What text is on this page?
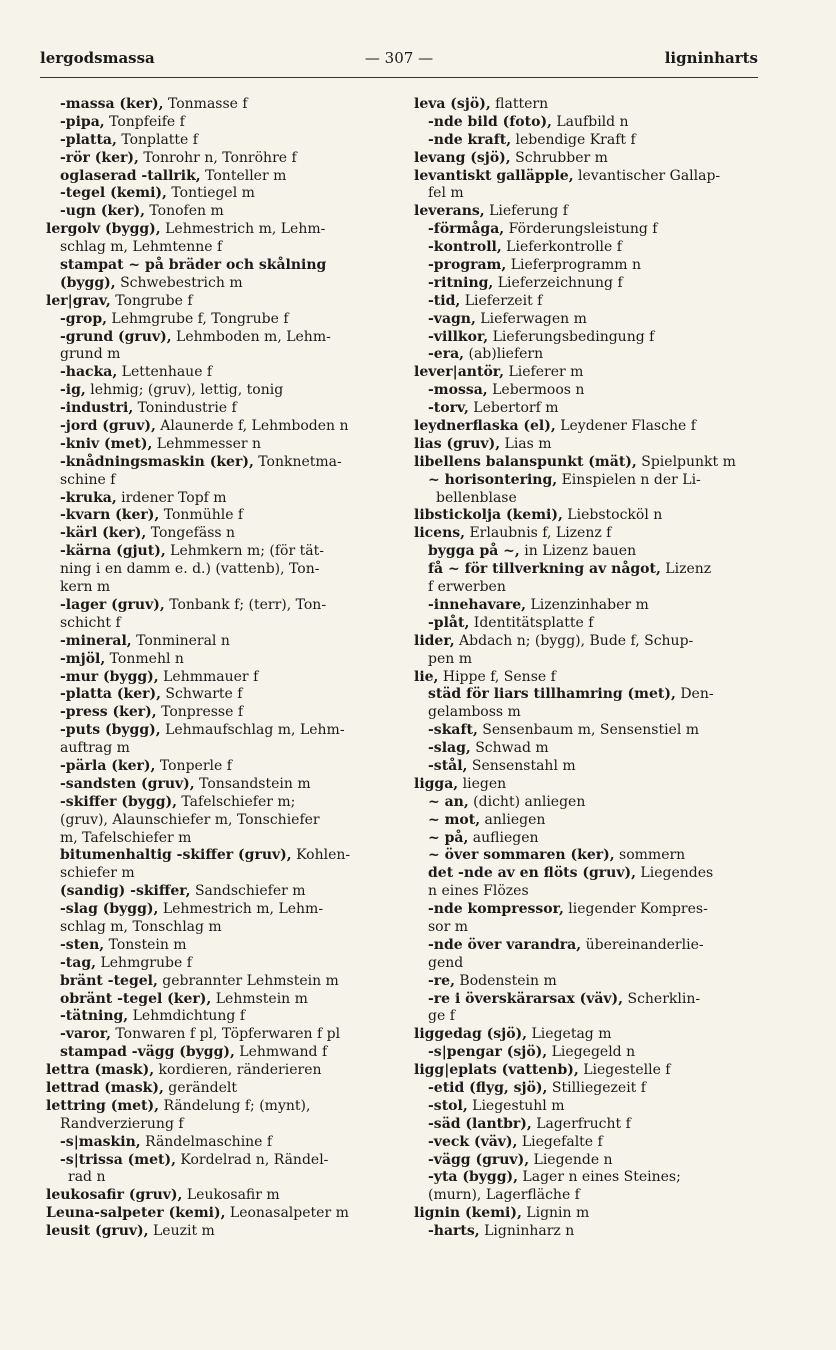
— 307 —
lergodsmassa	ligninharts
-massa (ker), Tonmasse f
-pipa, Tonpfeife f
-platta, Tonplatte f
-rör (ker), Tonrohr n, Tonröhre f
oglaserad -tallrik, Tonteller m
-tegel (kemi), Tontiegel m
-ugn (ker), Tonofen m
lergolv (bygg), Lehmestrich m, Lehm-
schlag m, Lehmtenne f
stampat ~ på bräder och skålning
(bygg), Schwebestrich m
ler|grav, Tongrube f
-grop, Lehmgrube f, Tongrube f
-grund (gruv), Lehmboden m, Lehm-
grund m
-hacka, Lettenhaue f
-ig, lehmig; (gruv), lettig, tonig
-industri, Tonindustrie f
-jord (gruv), Alaunerde f, Lehmboden n
-kniv (met), Lehmmesser n
-knådningsmaskin (ker), Tonknetma-
schine f
-kruka, irdener Topf m
-kvarn (ker), Tonmühle f
-kärl (ker), Tongefäss n
-kärna (gjut), Lehmkern m; (för tät-
ning i en damm e. d.) (vattenb), Ton-
kern m
-lager (gruv), Tonbank f; (terr), Ton-
schicht f
-mineral, Tonmineral n
-mjöl, Tonmehl n
-mur (bygg), Lehmmauer f
-platta (ker), Schwarte f
-press (ker), Tonpresse f
-puts (bygg), Lehmaufschlag m, Lehm-
auftrag m
-pärla (ker), Tonperle f
-sandsten (gruv), Tonsandstein m
-skiffer (bygg), Tafelschiefer m;
(gruv), Alaunschiefer m, Tonschiefer
m, Tafelschiefer m
bitumenhaltig -skiffer (gruv), Kohlen-
schiefer m
(sandig) -skiffer, Sandschiefer m
-slag (bygg), Lehmestrich m, Lehm-
schlag m, Tonschlag m
-sten, Tonstein m
-tag, Lehmgrube f
bränt -tegel, gebrannter Lehmstein m
obränt -tegel (ker), Lehmstein m
-tätning, Lehmdichtung f
-varor, Tonwaren f pl, Töpferwaren f pl
stampad -vägg (bygg), Lehmwand f
lettra (mask), kordieren, ränderieren
lettrad (mask), gerändelt
lettring (met), Rändelung f; (mynt),
Randverzierung f
-s|maskin, Rändelmaschine f
-s|trissa (met), Kordelrad n, Rändel-
rad n
leukosafir (gruv), Leukosafir m
Leuna-salpeter (kemi), Leonasalpeter m
leusit (gruv), Leuzit m
leva (sjö), flattern
-nde bild (foto), Laufbild n
-nde kraft, lebendige Kraft f
levang (sjö), Schrubber m
levantiskt galläpple, levantischer Gallap-
fel m
leverans, Lieferung f
-förmåga, Förderungsleistung f
-kontroll, Lieferkontrolle f
-program, Lieferprogramm n
-ritning, Lieferzeichnung f
-tid, Lieferzeit f
-vagn, Lieferwagen m
-villkor, Lieferungsbedingung f
-era, (ab)liefern
lever|antör, Lieferer m
-mossa, Lebermoos n
-torv, Lebertorf m
leydnerflaska (el), Leydener Flasche f
lias (gruv), Lias m
libellens balanspunkt (mät), Spielpunkt m
~ horisontering, Einspielen n der Li-
bellenblase
libstickolja (kemi), Liebstocköl n
licens, Erlaubnis f, Lizenz f
bygga på ~, in Lizenz bauen
få ~ för tillverkning av något, Lizenz
f erwerben
-innehavare, Lizenzinhaber m
-plåt, Identitätsplatte f
lider, Abdach n; (bygg), Bude f, Schup-
pen m
lie, Hippe f, Sense f
städ för liars tillhamring (met), Den-
gelamboss m
-skaft, Sensenbaum m, Sensenstiel m
-slag, Schwad m
-stål, Sensenstahl m
ligga, liegen
~ an, (dicht) anliegen
~ mot, anliegen
~ på, aufliegen
~ över sommaren (ker), sommern
det -nde av en flöts (gruv), Liegendes
n eines Flözes
-nde kompressor, liegender Kompres-
sor m
-nde över varandra, übereinanderlie-
gend
-re, Bodenstein m
-re i överskärarsax (väv), Scherklin-
ge f
liggedag (sjö), Liegetag m
-s|pengar (sjö), Liegegeld n
ligg|eplats (vattenb), Liegestelle f
-etid (flyg, sjö), Stilliegezeit f
-stol, Liegestuhl m
-säd (lantbr), Lagerfrucht f
-veck (väv), Liegefalte f
-vägg (gruv), Liegende n
-yta (bygg), Lager n eines Steines;
(murn), Lagerfläche f
lignin (kemi), Lignin m
-harts, Ligninharz n
